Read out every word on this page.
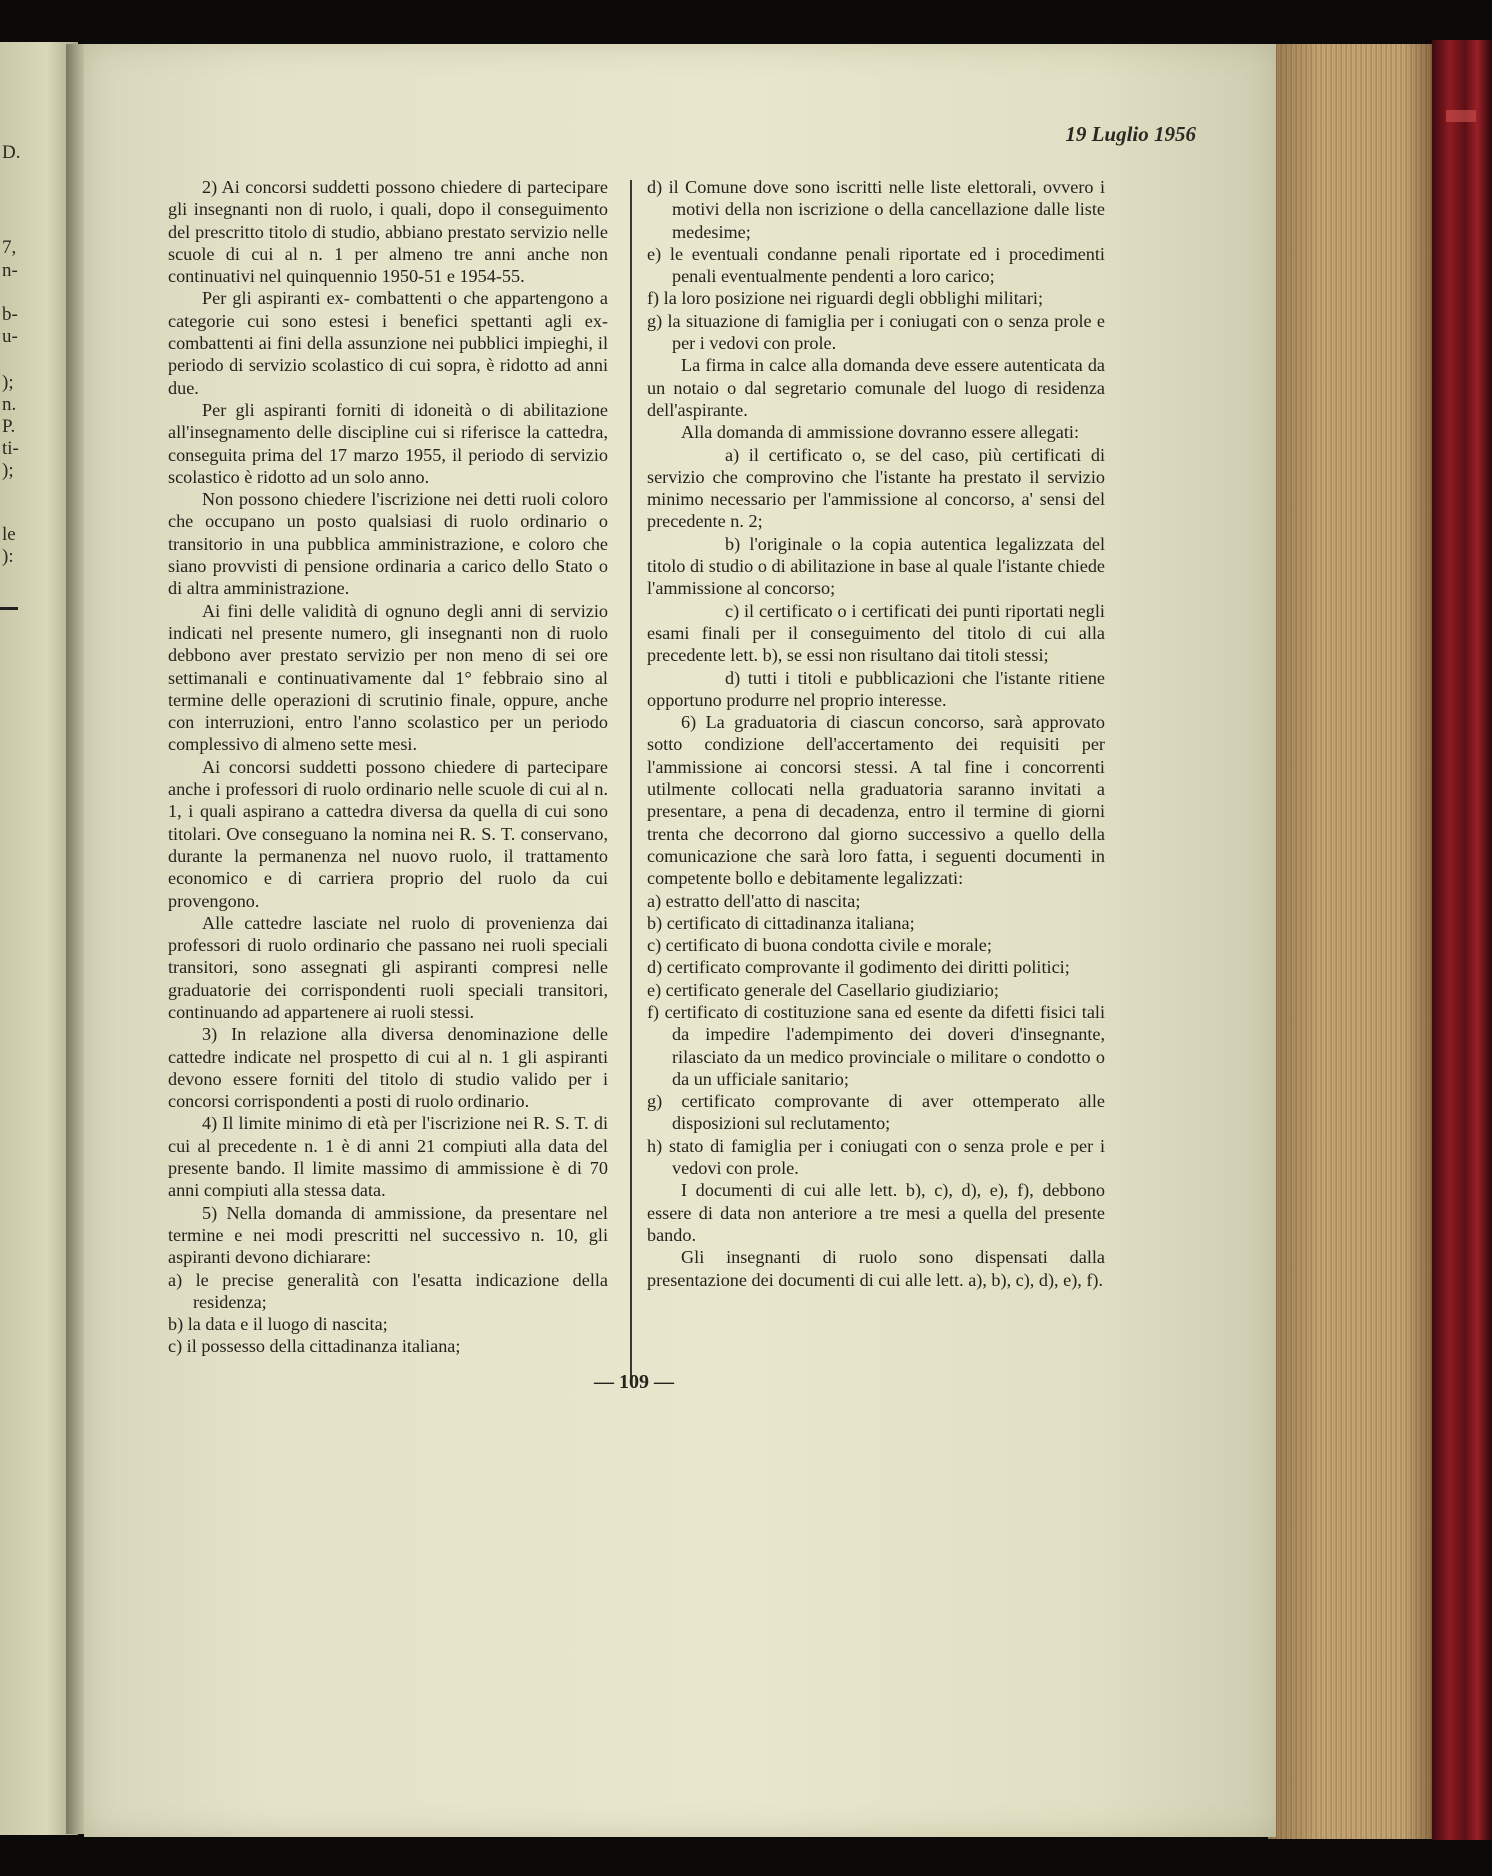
D.
7,
n-
b-
u-
);
n.
P.
ti-
);
le
):
19 Luglio 1956

2) Ai concorsi suddetti possono chiedere di partecipare gli insegnanti non di ruolo, i quali, dopo il conseguimento del prescritto titolo di studio, abbiano prestato servizio nelle scuole di cui al n. 1 per almeno tre anni anche non continuativi nel quinquennio 1950-51 e 1954-55.

Per gli aspiranti ex- combattenti o che appartengono a categorie cui sono estesi i benefici spettanti agli ex- combattenti ai fini della assunzione nei pubblici impieghi, il periodo di servizio scolastico di cui sopra, è ridotto ad anni due.

Per gli aspiranti forniti di idoneità o di abilitazione all'insegnamento delle discipline cui si riferisce la cattedra, conseguita prima del 17 marzo 1955, il periodo di servizio scolastico è ridotto ad un solo anno.

Non possono chiedere l'iscrizione nei detti ruoli coloro che occupano un posto qualsiasi di ruolo ordinario o transitorio in una pubblica amministrazione, e coloro che siano provvisti di pensione ordinaria a carico dello Stato o di altra amministrazione.

Ai fini delle validità di ognuno degli anni di servizio indicati nel presente numero, gli insegnanti non di ruolo debbono aver prestato servizio per non meno di sei ore settimanali e continuativamente dal 1° febbraio sino al termine delle operazioni di scrutinio finale, oppure, anche con interruzioni, entro l'anno scolastico per un periodo complessivo di almeno sette mesi.

Ai concorsi suddetti possono chiedere di partecipare anche i professori di ruolo ordinario nelle scuole di cui al n. 1, i quali aspirano a cattedra diversa da quella di cui sono titolari. Ove conseguano la nomina nei R. S. T. conservano, durante la permanenza nel nuovo ruolo, il trattamento economico e di carriera proprio del ruolo da cui provengono.

Alle cattedre lasciate nel ruolo di provenienza dai professori di ruolo ordinario che passano nei ruoli speciali transitori, sono assegnati gli aspiranti compresi nelle graduatorie dei corrispondenti ruoli speciali transitori, continuando ad appartenere ai ruoli stessi.

3) In relazione alla diversa denominazione delle cattedre indicate nel prospetto di cui al n. 1 gli aspiranti devono essere forniti del titolo di studio valido per i concorsi corrispondenti a posti di ruolo ordinario.

4) Il limite minimo di età per l'iscrizione nei R. S. T. di cui al precedente n. 1 è di anni 21 compiuti alla data del presente bando. Il limite massimo di ammissione è di 70 anni compiuti alla stessa data.

5) Nella domanda di ammissione, da presentare nel termine e nei modi prescritti nel successivo n. 10, gli aspiranti devono dichiarare:

a) le precise generalità con l'esatta indicazione della residenza;

b) la data e il luogo di nascita;

c) il possesso della cittadinanza italiana;

d) il Comune dove sono iscritti nelle liste elettorali, ovvero i motivi della non iscrizione o della cancellazione dalle liste medesime;

e) le eventuali condanne penali riportate ed i procedimenti penali eventualmente pendenti a loro carico;

f) la loro posizione nei riguardi degli obblighi militari;

g) la situazione di famiglia per i coniugati con o senza prole e per i vedovi con prole.

La firma in calce alla domanda deve essere autenticata da un notaio o dal segretario comunale del luogo di residenza dell'aspirante.

Alla domanda di ammissione dovranno essere allegati:

a) il certificato o, se del caso, più certificati di servizio che comprovino che l'istante ha prestato il servizio minimo necessario per l'ammissione al concorso, a' sensi del precedente n. 2;

b) l'originale o la copia autentica legalizzata del titolo di studio o di abilitazione in base al quale l'istante chiede l'ammissione al concorso;

c) il certificato o i certificati dei punti riportati negli esami finali per il conseguimento del titolo di cui alla precedente lett. b), se essi non risultano dai titoli stessi;

d) tutti i titoli e pubblicazioni che l'istante ritiene opportuno produrre nel proprio interesse.

6) La graduatoria di ciascun concorso, sarà approvato sotto condizione dell'accertamento dei requisiti per l'ammissione ai concorsi stessi. A tal fine i concorrenti utilmente collocati nella graduatoria saranno invitati a presentare, a pena di decadenza, entro il termine di giorni trenta che decorrono dal giorno successivo a quello della comunicazione che sarà loro fatta, i seguenti documenti in competente bollo e debitamente legalizzati:

a) estratto dell'atto di nascita;

b) certificato di cittadinanza italiana;

c) certificato di buona condotta civile e morale;

d) certificato comprovante il godimento dei diritti politici;

e) certificato generale del Casellario giudiziario;

f) certificato di costituzione sana ed esente da difetti fisici tali da impedire l'adempimento dei doveri d'insegnante, rilasciato da un medico provinciale o militare o condotto o da un ufficiale sanitario;

g) certificato comprovante di aver ottemperato alle disposizioni sul reclutamento;

h) stato di famiglia per i coniugati con o senza prole e per i vedovi con prole.

I documenti di cui alle lett. b), c), d), e), f), debbono essere di data non anteriore a tre mesi a quella del presente bando.

Gli insegnanti di ruolo sono dispensati dalla presentazione dei documenti di cui alle lett. a), b), c), d), e), f).

— 109 —
